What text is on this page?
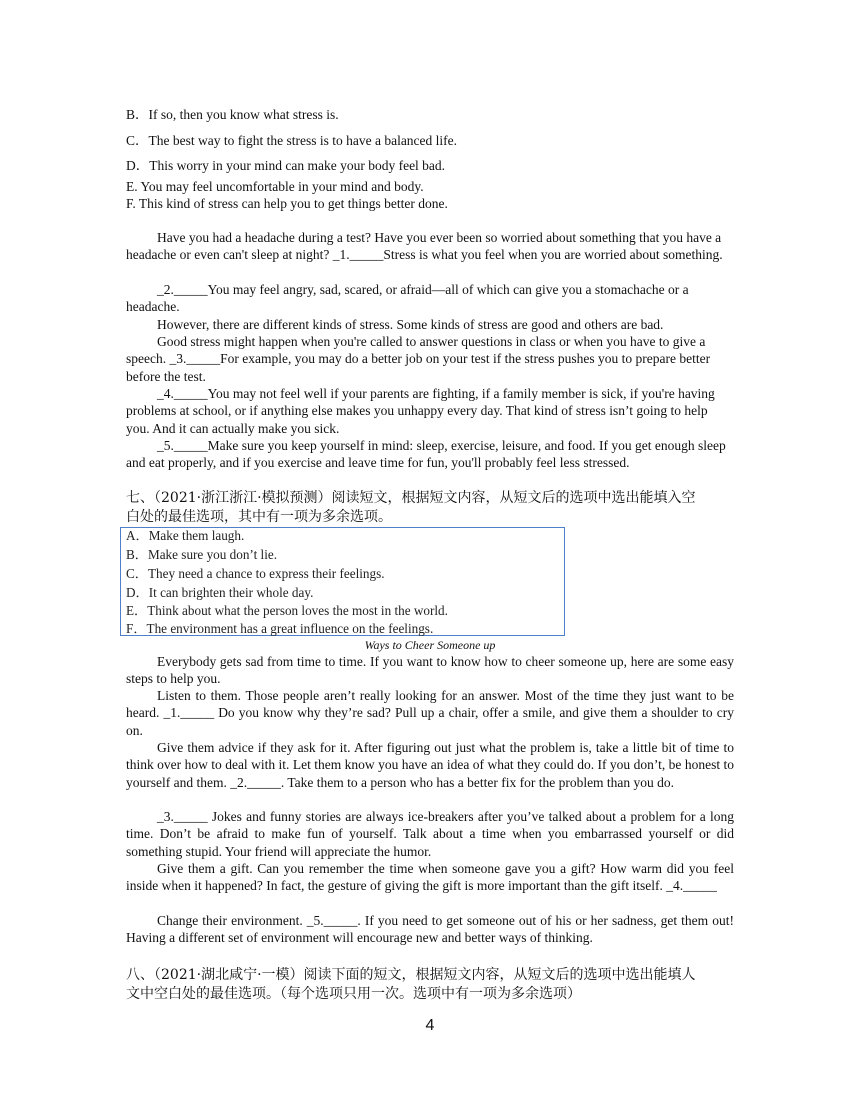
B．If so, then you know what stress is.
C．The best way to fight the stress is to have a balanced life.
D．This worry in your mind can make your body feel bad.
E. You may feel uncomfortable in your mind and body.
F. This kind of stress can help you to get things better done.
Have you had a headache during a test? Have you ever been so worried about something that you have a headache or even can't sleep at night? _1._____Stress is what you feel when you are worried about something.
_2._____You may feel angry, sad, scared, or afraid—all of which can give you a stomachache or a headache.
However, there are different kinds of stress. Some kinds of stress are good and others are bad.
Good stress might happen when you're called to answer questions in class or when you have to give a speech. _3._____For example, you may do a better job on your test if the stress pushes you to prepare better before the test.
_4._____You may not feel well if your parents are fighting, if a family member is sick, if you're having problems at school, or if anything else makes you unhappy every day. That kind of stress isn’t going to help you. And it can actually make you sick.
_5._____Make sure you keep yourself in mind: sleep, exercise, leisure, and food. If you get enough sleep and eat properly, and if you exercise and leave time for fun, you'll probably feel less stressed.
七、（2021·浙江浙江·模拟预测）阅读短文，根据短文内容，从短文后的选项中选出能填入空
白处的最佳选项，其中有一项为多余选项。
A．Make them laugh.
B．Make sure you don’t lie.
C．They need a chance to express their feelings.
D．It can brighten their whole day.
E．Think about what the person loves the most in the world.
F．The environment has a great influence on the feelings.
Ways to Cheer Someone up
Everybody gets sad from time to time. If you want to know how to cheer someone up, here are some easy steps to help you.
Listen to them. Those people aren’t really looking for an answer. Most of the time they just want to be heard. _1._____ Do you know why they’re sad? Pull up a chair, offer a smile, and give them a shoulder to cry on.
Give them advice if they ask for it. After figuring out just what the problem is, take a little bit of time to think over how to deal with it. Let them know you have an idea of what they could do. If you don’t, be honest to yourself and them. _2._____. Take them to a person who has a better fix for the problem than you do.
_3._____ Jokes and funny stories are always ice-breakers after you’ve talked about a problem for a long time. Don’t be afraid to make fun of yourself. Talk about a time when you embarrassed yourself or did something stupid. Your friend will appreciate the humor.
Give them a gift. Can you remember the time when someone gave you a gift? How warm did you feel inside when it happened? In fact, the gesture of giving the gift is more important than the gift itself. _4._____
Change their environment. _5._____. If you need to get someone out of his or her sadness, get them out! Having a different set of environment will encourage new and better ways of thinking.
八、（2021·湖北咸宁·一模）阅读下面的短文，根据短文内容，从短文后的选项中选出能填人
文中空白处的最佳选项。（每个选项只用一次。选项中有一项为多余选项）
4
